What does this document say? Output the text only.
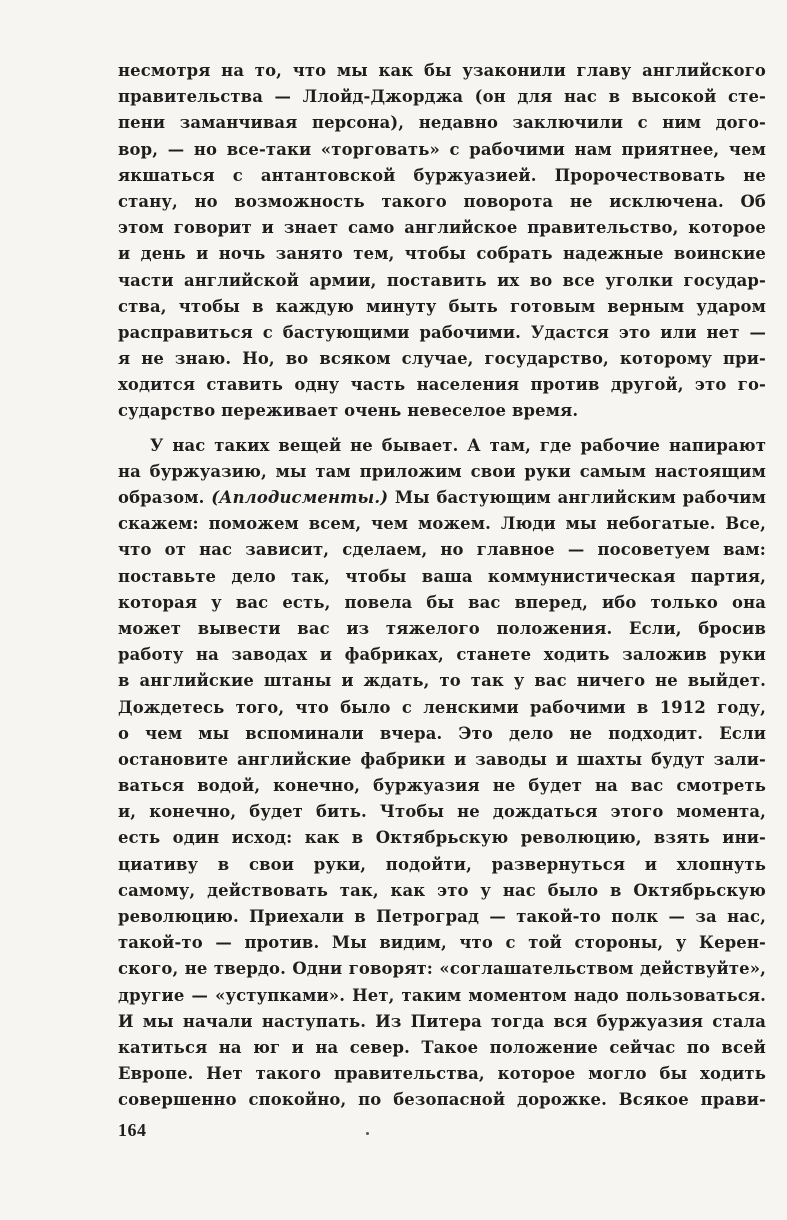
несмотря на то, что мы как бы узаконили главу английского
правительства — Ллойд-Джорджа (он для нас в высокой сте-
пени заманчивая персона), недавно заключили с ним дого-
вор, — но все-таки «торговать» с рабочими нам приятнее, чем
якшаться с антантовской буржуазией. Пророчествовать не
стану, но возможность такого поворота не исключена. Об
этом говорит и знает само английское правительство, которое
и день и ночь занято тем, чтобы собрать надежные воинские
части английской армии, поставить их во все уголки государ-
ства, чтобы в каждую минуту быть готовым верным ударом
расправиться с бастующими рабочими. Удастся это или нет —
я не знаю. Но, во всяком случае, государство, которому при-
ходится ставить одну часть населения против другой, это го-
сударство переживает очень невеселое время.
У нас таких вещей не бывает. А там, где рабочие напирают
на буржуазию, мы там приложим свои руки самым настоящим
образом. (Аплодисменты.) Мы бастующим английским рабочим
скажем: поможем всем, чем можем. Люди мы небогатые. Все,
что от нас зависит, сделаем, но главное — посоветуем вам:
поставьте дело так, чтобы ваша коммунистическая партия,
которая у вас есть, повела бы вас вперед, ибо только она
может вывести вас из тяжелого положения. Если, бросив
работу на заводах и фабриках, станете ходить заложив руки
в английские штаны и ждать, то так у вас ничего не выйдет.
Дождетесь того, что было с ленскими рабочими в 1912 году,
о чем мы вспоминали вчера. Это дело не подходит. Если
остановите английские фабрики и заводы и шахты будут зали-
ваться водой, конечно, буржуазия не будет на вас смотреть
и, конечно, будет бить. Чтобы не дождаться этого момента,
есть один исход: как в Октябрьскую революцию, взять ини-
циативу в свои руки, подойти, развернуться и хлопнуть
самому, действовать так, как это у нас было в Октябрьскую
революцию. Приехали в Петроград — такой-то полк — за нас,
такой-то — против. Мы видим, что с той стороны, у Керен-
ского, не твердо. Одни говорят: «соглашательством действуйте»,
другие — «уступками». Нет, таким моментом надо пользоваться.
И мы начали наступать. Из Питера тогда вся буржуазия стала
катиться на юг и на север. Такое положение сейчас по всей
Европе. Нет такого правительства, которое могло бы ходить
совершенно спокойно, по безопасной дорожке. Всякое прави-
164
